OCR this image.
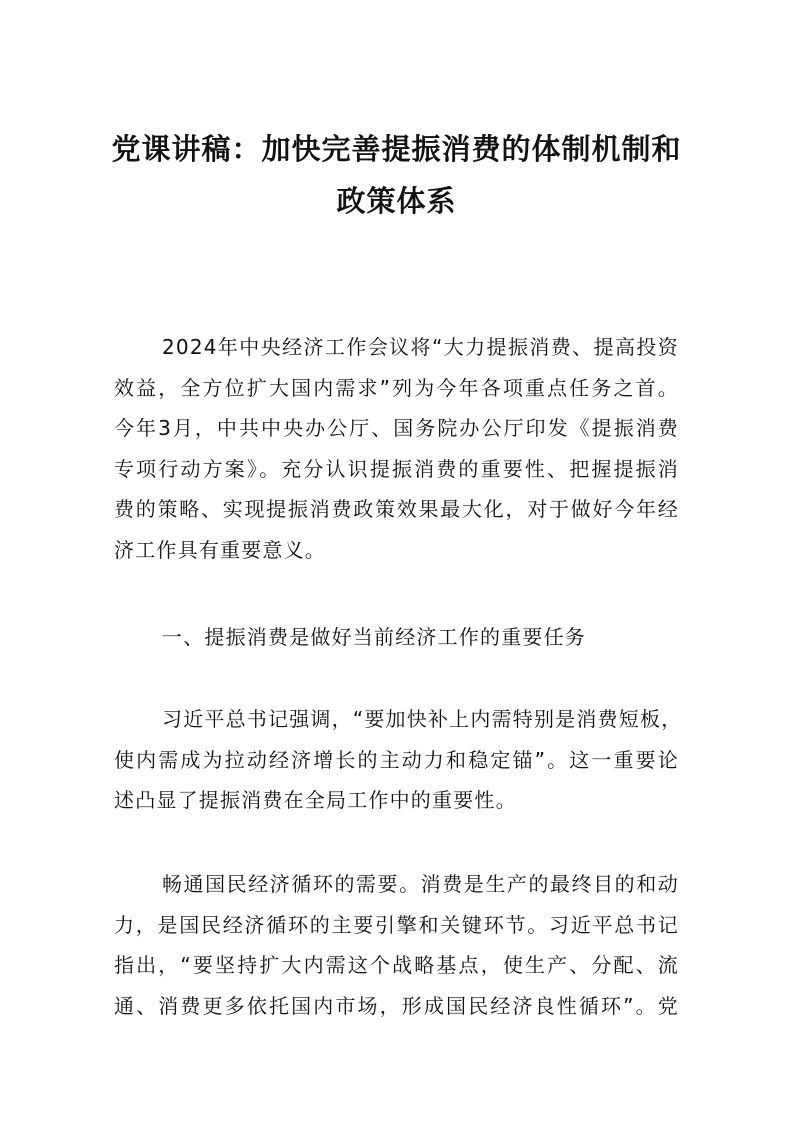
党课讲稿：加快完善提振消费的体制机制和
政策体系
2024年中央经济工作会议将“大力提振消费、提高投资
效益，全方位扩大国内需求”列为今年各项重点任务之首。
今年3月，中共中央办公厅、国务院办公厅印发《提振消费
专项行动方案》。充分认识提振消费的重要性、把握提振消
费的策略、实现提振消费政策效果最大化，对于做好今年经
济工作具有重要意义。
一、提振消费是做好当前经济工作的重要任务
习近平总书记强调，“要加快补上内需特别是消费短板，
使内需成为拉动经济增长的主动力和稳定锚”。这一重要论
述凸显了提振消费在全局工作中的重要性。
畅通国民经济循环的需要。消费是生产的最终目的和动
力，是国民经济循环的主要引擎和关键环节。习近平总书记
指出，“要坚持扩大内需这个战略基点，使生产、分配、流
通、消费更多依托国内市场，形成国民经济良性循环”。党
